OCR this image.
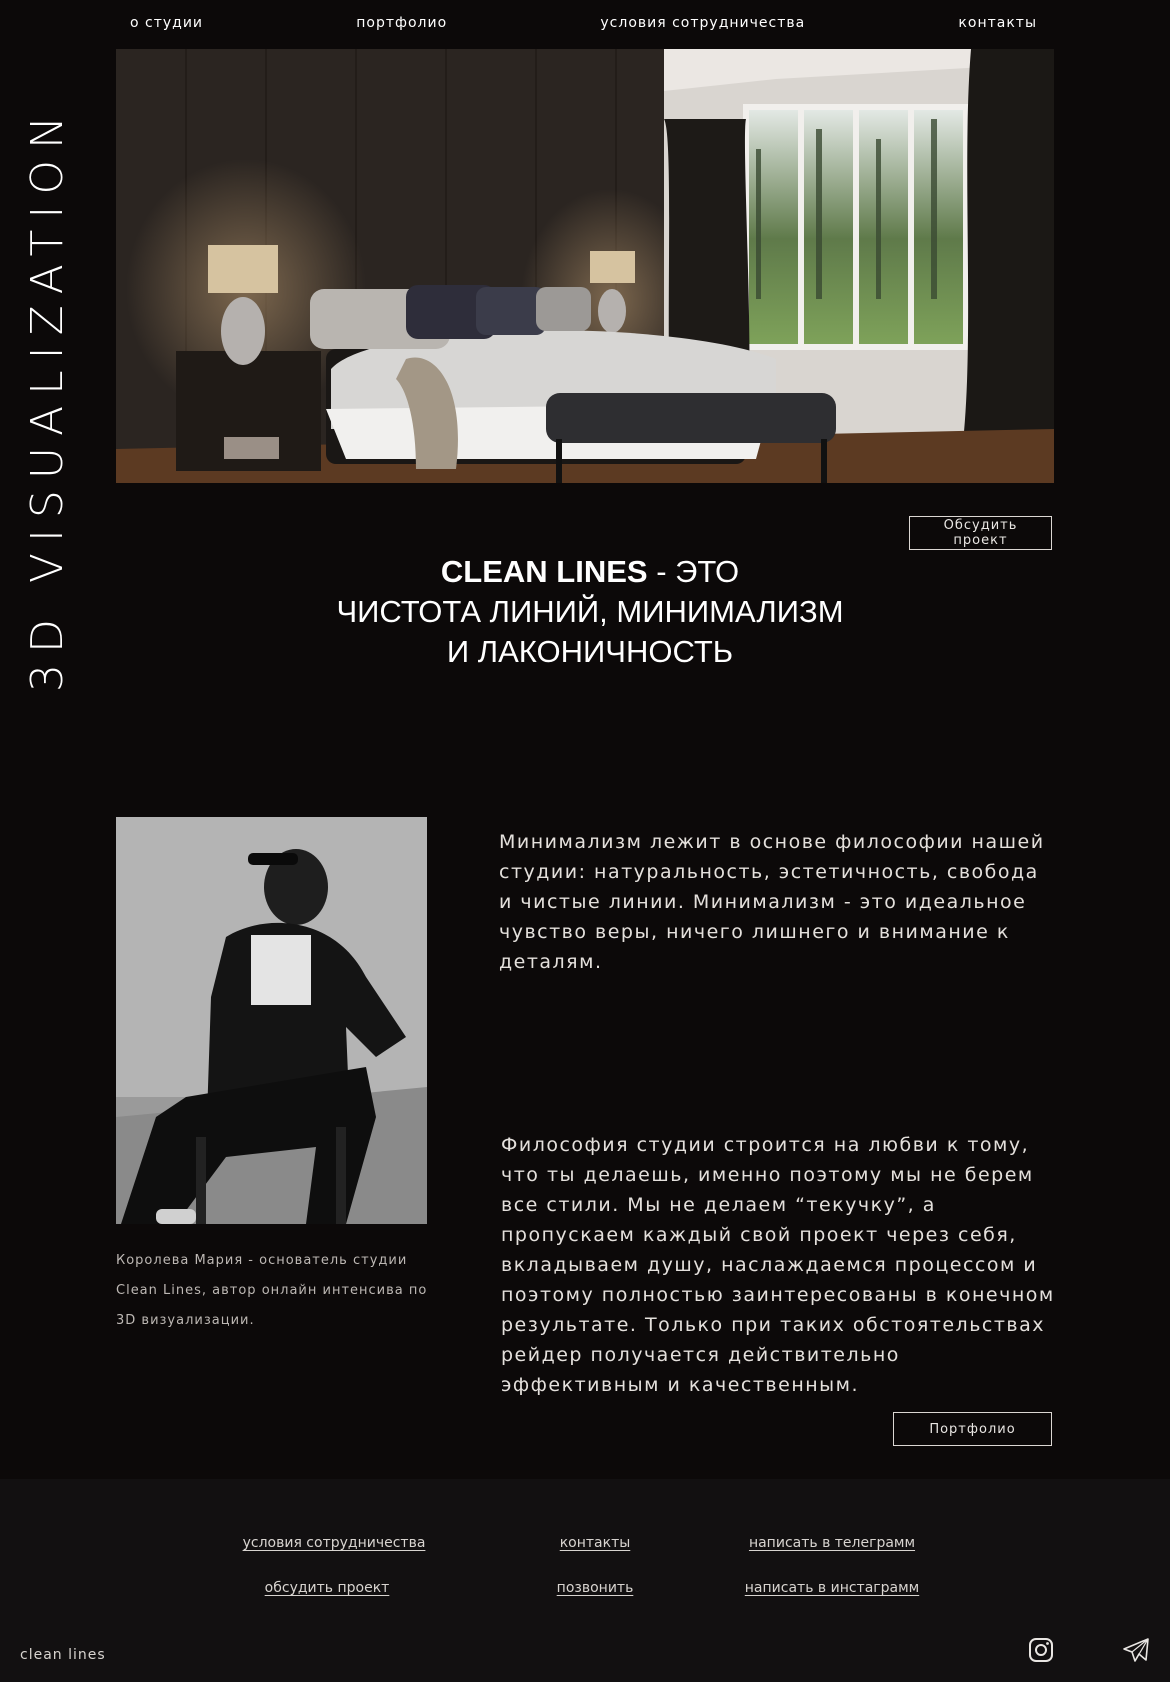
3D VISUALIZATION
о студии	портфолио	условия сотрудничества	контакты
Обсудить проект
CLEAN LINES - ЭТО
ЧИСТОТА ЛИНИЙ, МИНИМАЛИЗМ
И ЛАКОНИЧНОСТЬ
Королева Мария - основатель студии Clean Lines, автор онлайн интенсива по 3D визуализации.

Минимализм лежит в основе философии нашей студии: натуральность, эстетичность, свобода и чистые линии. Минимализм - это идеальное чувство веры, ничего лишнего и внимание к деталям.

Философия студии строится на любви к тому, что ты делаешь, именно поэтому мы не берем все стили. Мы не делаем “текучку”, а пропускаем каждый свой проект через себя, вкладываем душу, наслаждаемся процессом и поэтому полностью заинтересованы в конечном результате. Только при таких обстоятельствах рейдер получается действительно эффективным и качественным.

Портфолио
условия сотрудничества	контакты	написать в телеграмм
обсудить проект	позвонить	написать в инстаграмм
clean lines
